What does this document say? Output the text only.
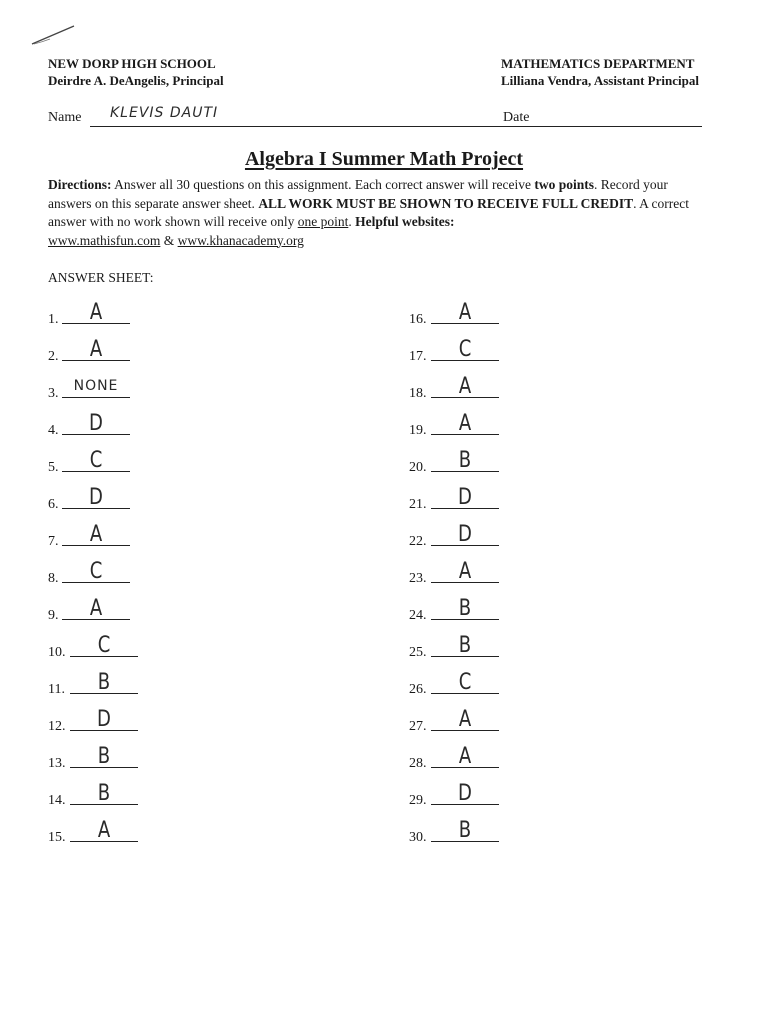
NEW DORP HIGH SCHOOL
Deirdre A. DeAngelis, Principal
MATHEMATICS DEPARTMENT
Lilliana Vendra, Assistant Principal
Name KLEVIS DAUTI	Date
Algebra I Summer Math Project
Directions: Answer all 30 questions on this assignment. Each correct answer will receive two points. Record your answers on this separate answer sheet. ALL WORK MUST BE SHOWN TO RECEIVE FULL CREDIT. A correct answer with no work shown will receive only one point. Helpful websites:
www.mathisfun.com & www.khanacademy.org
ANSWER SHEET:
1.	A
2.	A
3.	NONE
4.	D
5.	C
6.	D
7.	A
8.	C
9.	A
10.	C
11.	B
12.	D
13.	B
14.	B
15.	A
16.	A
17.	C
18.	A
19.	A
20.	B
21.	D
22.	D
23.	A
24.	B
25.	B
26.	C
27.	A
28.	A
29.	D
30.	B
